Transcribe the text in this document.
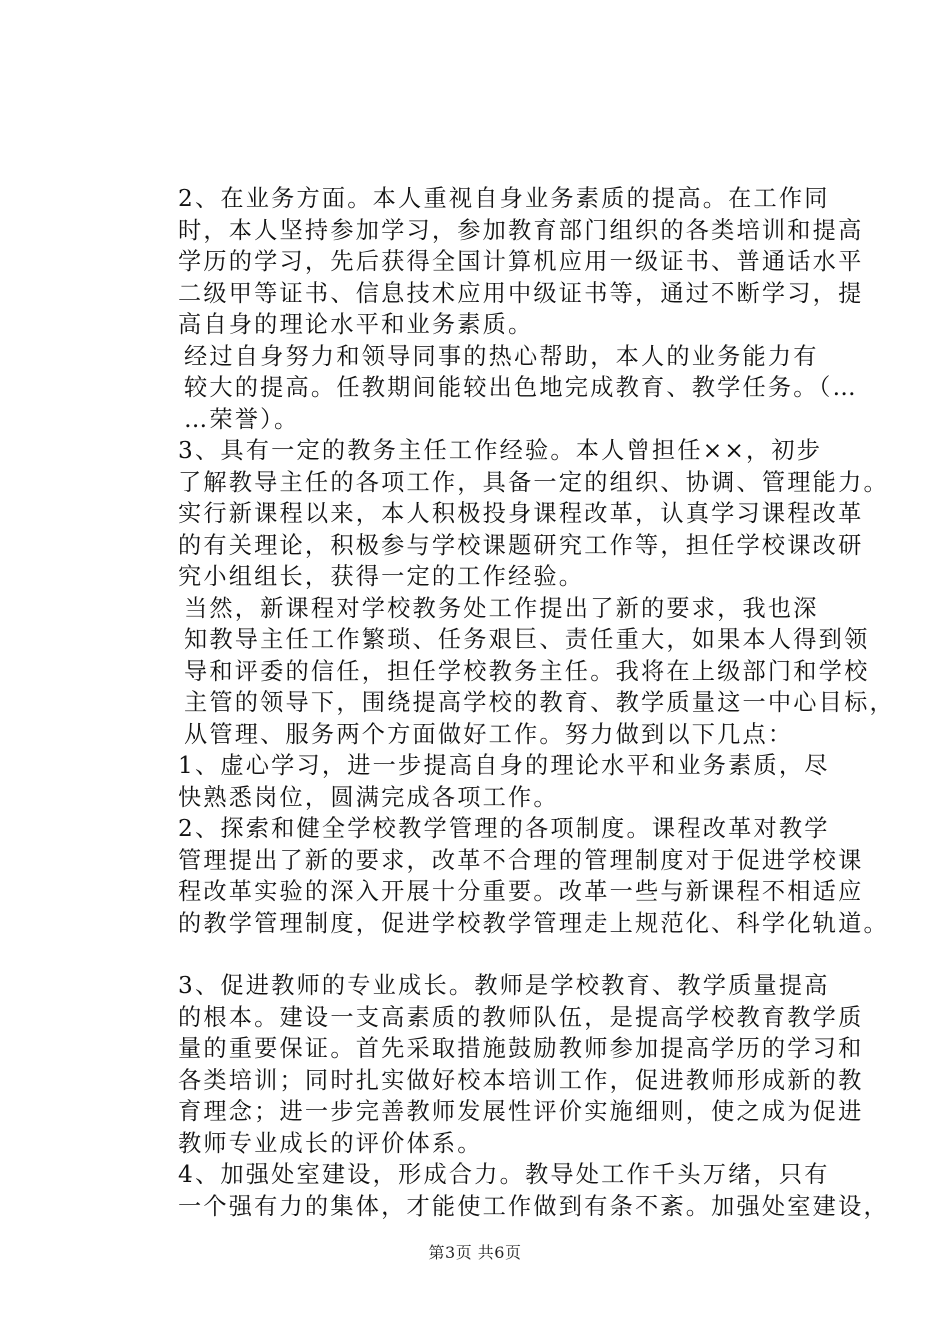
2、在业务方面。本人重视自身业务素质的提高。在工作同
时，本人坚持参加学习，参加教育部门组织的各类培训和提高
学历的学习，先后获得全国计算机应用一级证书、普通话水平
二级甲等证书、信息技术应用中级证书等，通过不断学习，提
高自身的理论水平和业务素质。

经过自身努力和领导同事的热心帮助，本人的业务能力有
较大的提高。任教期间能较出色地完成教育、教学任务。（…
…荣誉）。

3、具有一定的教务主任工作经验。本人曾担任××，初步
了解教导主任的各项工作，具备一定的组织、协调、管理能力。
实行新课程以来，本人积极投身课程改革，认真学习课程改革
的有关理论，积极参与学校课题研究工作等，担任学校课改研
究小组组长，获得一定的工作经验。

当然，新课程对学校教务处工作提出了新的要求，我也深
知教导主任工作繁琐、任务艰巨、责任重大，如果本人得到领
导和评委的信任，担任学校教务主任。我将在上级部门和学校
主管的领导下，围绕提高学校的教育、教学质量这一中心目标，
从管理、服务两个方面做好工作。努力做到以下几点：

1、虚心学习，进一步提高自身的理论水平和业务素质，尽
快熟悉岗位，圆满完成各项工作。

2、探索和健全学校教学管理的各项制度。课程改革对教学
管理提出了新的要求，改革不合理的管理制度对于促进学校课
程改革实验的深入开展十分重要。改革一些与新课程不相适应
的教学管理制度，促进学校教学管理走上规范化、科学化轨道。

3、促进教师的专业成长。教师是学校教育、教学质量提高
的根本。建设一支高素质的教师队伍，是提高学校教育教学质
量的重要保证。首先采取措施鼓励教师参加提高学历的学习和
各类培训；同时扎实做好校本培训工作，促进教师形成新的教
育理念；进一步完善教师发展性评价实施细则，使之成为促进
教师专业成长的评价体系。

4、加强处室建设，形成合力。教导处工作千头万绪，只有
一个强有力的集体，才能使工作做到有条不紊。加强处室建设，

第3页 共6页
